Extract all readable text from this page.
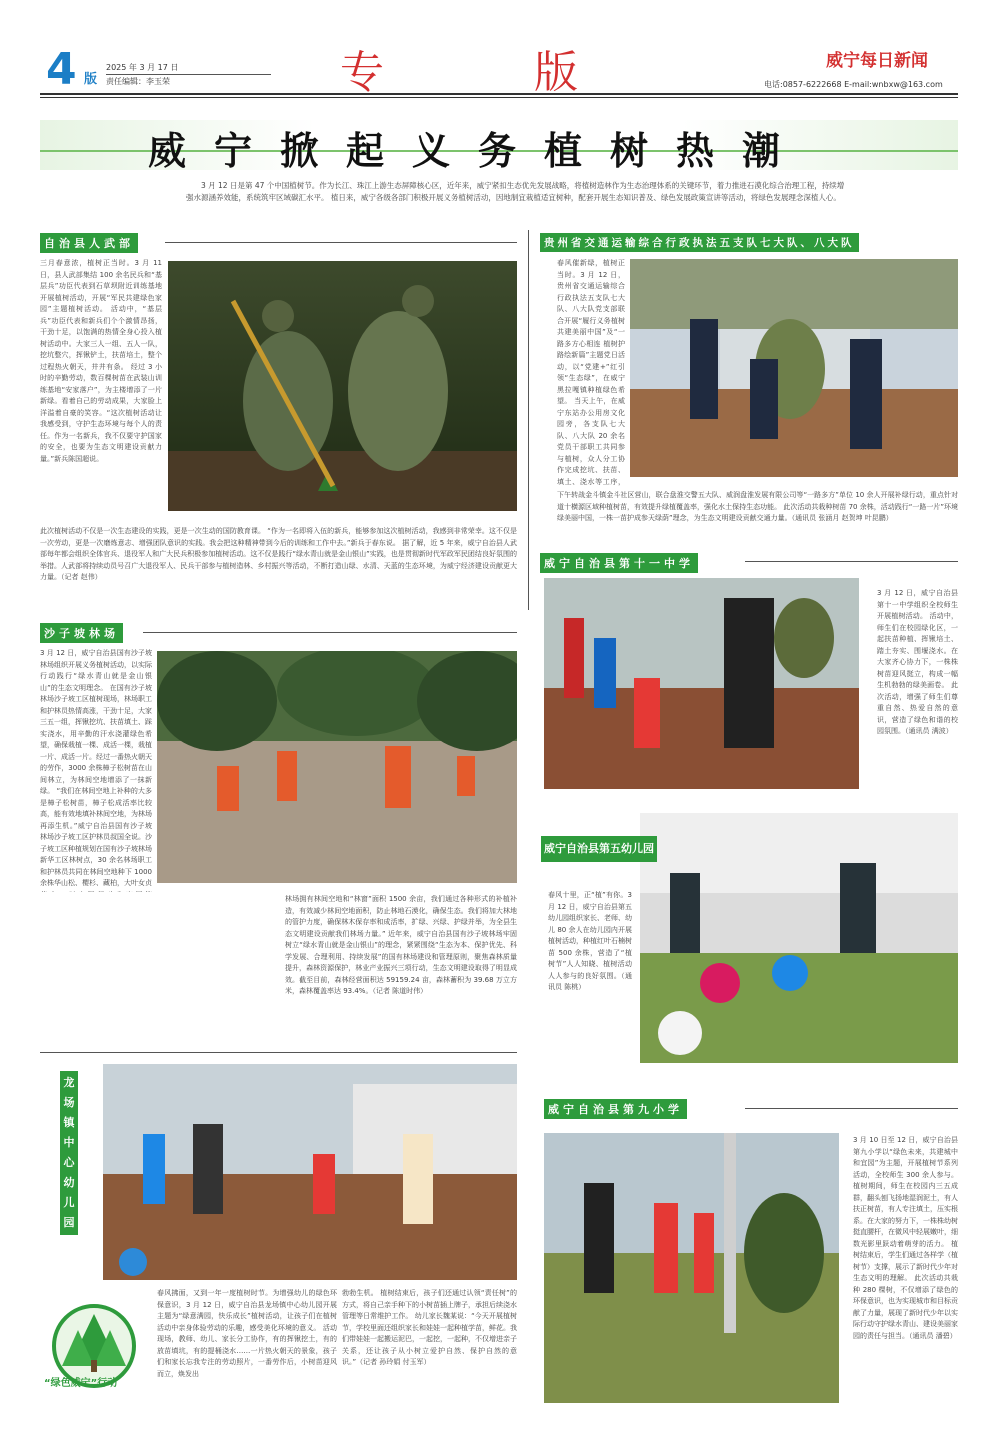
4 版
2025 年 3 月 17 日
责任编辑：李玉荣	专版	威宁每日新闻
电话:0857-6222668 E-mail:wnbxw@163.com
威宁掀起义务植树热潮
3 月 12 日是第 47 个中国植树节。作为长江、珠江上游生态屏障核心区，近年来，威宁紧扣生态优先发展战略，将植树造林作为生态治理体系的关键环节，着力推进石漠化综合治理工程，持续增强水源涵养效能，系统筑牢区域碳汇水平。 植日来，威宁各级各部门积极开展义务植树活动，因地制宜栽植适宜树种，配套开展生态知识普及、绿色发展政策宣讲等活动，将绿色发展理念深植人心。
自治县人武部
三月春意浓，植树正当时。3 月 11 日，县人武部集结 100 余名民兵和“基层兵”功臣代表到石草坝附近训练基地开展植树活动，开展“军民共建绿色家园”主题植树活动。 活动中，“基层兵”功臣代表和新兵们个个激情昂扬，干劲十足，以饱满的热情全身心投入植树活动中。大家三人一组、五人一队，挖坑整穴，挥锹铲土，扶苗培土，整个过程热火朝天，井井有条。 经过 3 小时的辛勤劳动，数百棵树苗在武装山训练基地“安家落户”，为主楼增添了一片新绿。看着自己的劳动成果，大家脸上洋溢着自豪的笑容。“这次植树活动让我感受到，守护生态环境与每个人的责任。作为一名新兵，我不仅要守护国家的安全，也要为生态文明建设贡献力量。”新兵陈国超说。
此次植树活动不仅是一次生态建设的实践，更是一次生动的国防教育课。 “作为一名即将入伍的新兵，能够参加这次植树活动，我感到非常荣幸。这不仅是一次劳动，更是一次磨炼意志、增强团队意识的实践。我会把这种精神带到今后的训练和工作中去。”新兵于春东说。 据了解，近 5 年来，威宁自治县人武部每年都会组织全体官兵、退役军人和广大民兵积极参加植树活动。这不仅是践行“绿水青山就是金山银山”实践，也是贯彻新时代军政军民团结良好氛围的举措。人武部将持续动员号召广大退役军人、民兵干部参与植树造林、乡村振兴等活动，不断打造山绿、水清、天蓝的生态环境，为威宁经济建设贡献更大力量。（记者 赵伟）
贵州省交通运输综合行政执法五支队七大队、八大队
春风催新绿，植树正当时。3 月 12 日，贵州省交通运输综合行政执法五支队七大队、八大队党支部联合开展“履行义务植树 共建美丽中国”及“一路多方心相连 植树护路绘新篇”主题党日活动，以“党建+”红引领“生态绿”，在威宁黑拉嘎镇种植绿色希望。 当天上午，在威宁东站办公用房文化园旁，各支队七大队、八大队 20 余名党员干部职工共同参与植树，众人分工协作完成挖坑、扶苗、填土、浇水等工序，
下午转战金斗镇金斗社区营山，联合盘淮交警五大队、威润盘淮发展有限公司等“一路多方”单位 10 余人开展补绿行动，重点针对道十横源区域种植树苗，有效提升绿植覆盖率，强化水土保持生态功能。 此次活动共栽种树苗 70 余株，活动践行“一路一片”环境绿美丽中国，一株一苗护成参天绿荫”理念，为生态文明建设贡献交通力量。（通讯员 张涵月 赵贺坤 叶昆鹏）
沙子坡林场
3 月 12 日，威宁自治县国有沙子坡林场组织开展义务植树活动，以实际行动践行“绿水青山就是金山银山”的生态文明理念。 在国有沙子坡林场沙子坡工区植树现场，林场职工和护林员热情高涨，干劲十足，大家三五一组，挥锹挖坑、扶苗填土、踩实浇水，用辛勤的汗水浇灌绿色希望，确保栽植一棵、成活一棵，栽植一片、成活一片。经过一番热火朝天的劳作，3000 余株樟子松树苗在山间林立，为林间空地增添了一抹新绿。 “我们在林间空地上补种的大多是樟子松树苗，樟子松成活率比较高，能有效地填补林间空地，为林场再添生机。”威宁自治县国有沙子坡林场沙子坡工区护林员叔国全说。沙子坡工区种植规划在国有沙子坡林场新华工区林树点，30 余名林场职工和护林员共同在林间空地种下 1000 余株华山松、樱杉、藏柏，大叶女贞
林场拥有林间空地和“林窗”面积 1500 余亩，我们通过各种形式的补植补造，有效减少林间空地面积，防止林地石漠化，确保生态。我们将加大林地的管护力度，确保林木保存率和成活率，扩绿、兴绿、护绿并举，为全县生态文明建设贡献我们林场力量。” 近年来，威宁自治县国有沙子坡林场牢固树立“绿水青山就是金山银山”的理念，紧紧围绕“生态为本、保护优先、科学发展、合理利用、持续发展”的国有林场建设和管理原则，聚焦森林质量提升，森林资源保护，林业产业振兴三项行动，生态文明建设取得了明显成效。截至目前，森林经营面积达 59159.24 亩，森林蓄积为 39.68 万立方米，森林覆盖率达 93.4%。（记者 陈道时伟）
威宁自治县第十一中学
3 月 12 日，威宁自治县第十一中学组织全校师生开展植树活动。 活动中，师生们在校园绿化区，一起扶苗种植、挥锹培土、踏土夯实、围堰浇水。在大家齐心协力下，一株株树苗迎风挺立，构成一幅生机勃勃的绿美画卷。 此次活动，增强了师生们尊重自然、热爱自然的意识，营造了绿色和谐的校园氛围。（通讯员 满波）
威 宁 自 治 县 第 五 幼 儿 园
春风十里，正“植”有你。3 月 12 日，威宁自治县第五幼儿园组织家长、老师、幼儿 80 余人在幼儿园内开展植树活动，种植红叶石楠树苗 500 余株，营造了“植树节”人人知晓、植树活动人人参与的良好氛围。（通讯员 陈桃）
龙
场
镇
中
心
幼
儿
园
“绿色威宁”行动
春风拂面，又到一年一度植树时节。为增强幼儿的绿色环保意识，3 月 12 日，威宁自治县龙场镇中心幼儿园开展主题为“绿意满园，快乐成长”植树活动，让孩子们在植树活动中亲身体验劳动的乐趣，感受美化环境的意义。 活动现场，教师、幼儿、家长分工协作，有的挥锹挖土，有的放苗填坑，有的提桶浇水……一片热火朝天的景象，孩子们和家长忘我专注的劳动照片，一番劳作后，小树苗迎风而立，焕发出
勃勃生机。 植树结束后，孩子们还通过认领“责任树”的方式，将自己亲手种下的小树苗插上牌子，承担后续浇水管理等日常维护工作。 幼儿家长魏某说：“今天开展植树节，学校里面还组织家长和娃娃一起种植学苗，鲜花。我们带娃娃一起搬运泥巴，一起挖，一起种，不仅增进亲子关系，还让孩子从小树立爱护自然、保护自然的意识。”（记者 孙玲娟 付玉军）
威宁自治县第九小学
3 月 10 日至 12 日，威宁自治县第九小学以“绿色未来，共建城中和宜园”为主题，开展植树节系列活动，全校师生 300 余人参与。 植树期间，师生在校园内三五成群，翻头刨飞扬地湿润泥土，有人扶正树苗，有人专注填土，压实根系。在大家的努力下，一株株幼树挺直腰杆，在微风中轻展嫩叶，细数光影里跃动着萌芽的活力。 植树结束后，学生们通过各样学（植树节）支撑，展示了新时代少年对生态文明的理解。 此次活动共栽种 280 棵树，不仅增添了绿色的环保意识，也为实现城市和目标贡献了力量，展现了新时代少年以实际行动守护绿水青山、建设美丽家园的责任与担当。（通讯员 潘碧）
